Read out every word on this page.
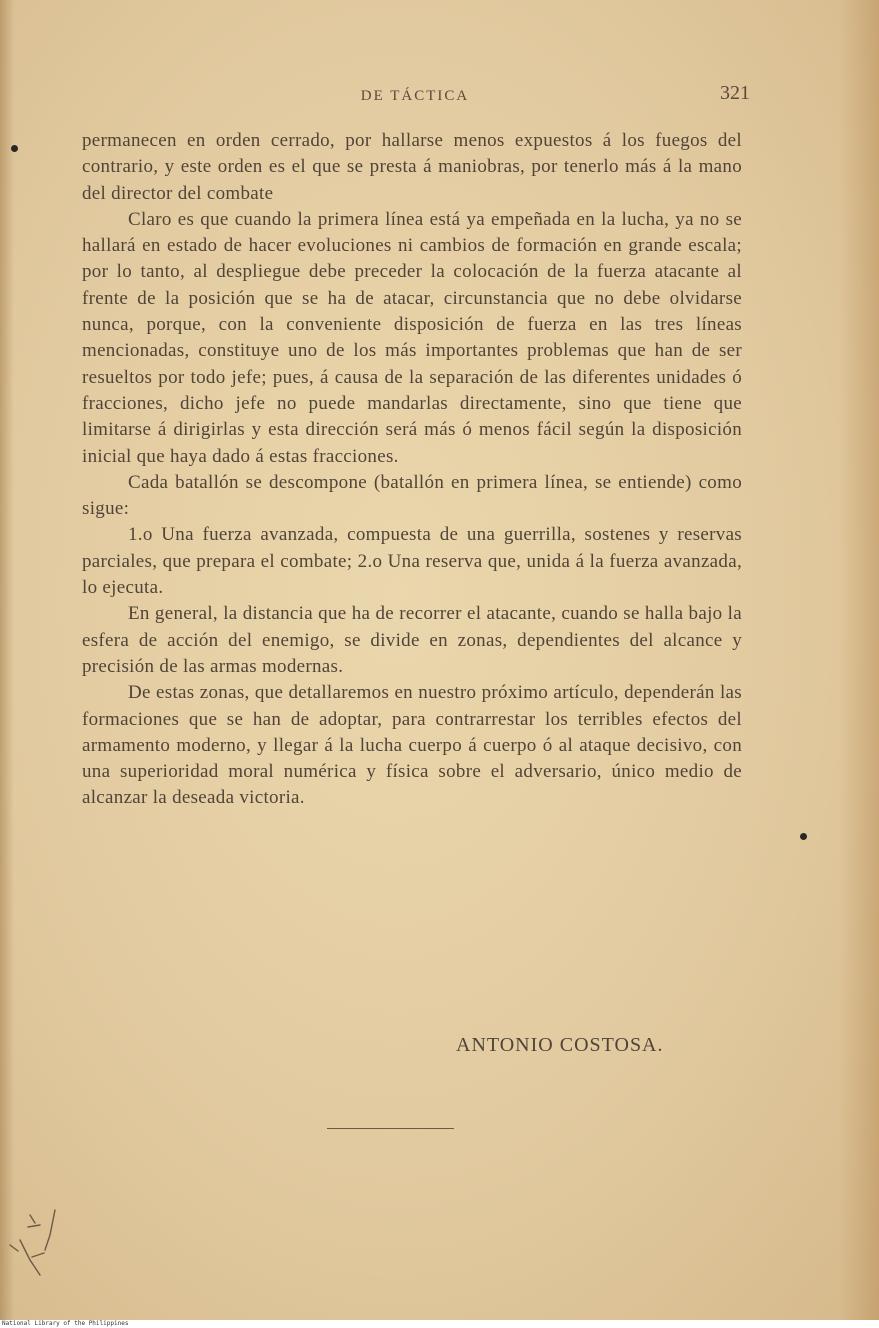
DE TÁCTICA	321

permanecen en orden cerrado, por hallarse menos expuestos á los fuegos del contrario, y este orden es el que se presta á maniobras, por tenerlo más á la mano del director del combate

Claro es que cuando la primera línea está ya empeñada en la lucha, ya no se hallará en estado de hacer evoluciones ni cambios de formación en grande escala; por lo tanto, al despliegue debe preceder la colocación de la fuerza atacante al frente de la posición que se ha de atacar, circunstancia que no debe olvidarse nunca, porque, con la conveniente disposición de fuerza en las tres líneas mencionadas, constituye uno de los más importantes problemas que han de ser resueltos por todo jefe; pues, á causa de la separación de las diferentes unidades ó fracciones, dicho jefe no puede mandarlas directamente, sino que tiene que limitarse á dirigirlas y esta dirección será más ó menos fácil según la disposición inicial que haya dado á estas fracciones.

Cada batallón se descompone (batallón en primera línea, se entiende) como sigue:

1.o Una fuerza avanzada, compuesta de una guerrilla, sostenes y reservas parciales, que prepara el combate; 2.o Una reserva que, unida á la fuerza avanzada, lo ejecuta.

En general, la distancia que ha de recorrer el atacante, cuando se halla bajo la esfera de acción del enemigo, se divide en zonas, dependientes del alcance y precisión de las armas modernas.

De estas zonas, que detallaremos en nuestro próximo artículo, dependerán las formaciones que se han de adoptar, para contrarrestar los terribles efectos del armamento moderno, y llegar á la lucha cuerpo á cuerpo ó al ataque decisivo, con una superioridad moral numérica y física sobre el adversario, único medio de alcanzar la deseada victoria.

ANTONIO COSTOSA.
National Library of the Philippines
